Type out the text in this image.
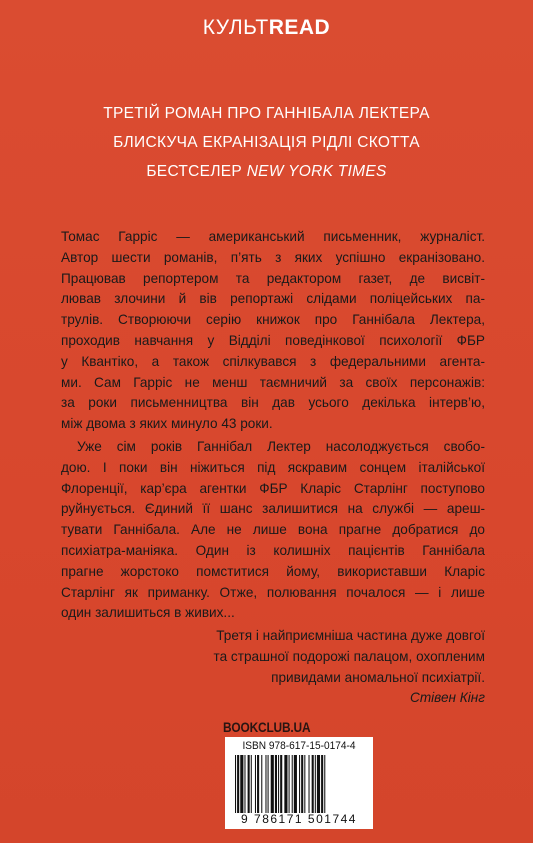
КУЛЬТREAD
ТРЕТІЙ РОМАН ПРО ГАННІБАЛА ЛЕКТЕРА
БЛИСКУЧА ЕКРАНІЗАЦІЯ РІДЛІ СКОТТА
БЕСТСЕЛЕР NEW YORK TIMES
Томас Гарріс — американський письменник, журналіст.
Автор шести романів, п’ять з яких успішно екранізовано.
Працював репортером та редактором газет, де висвіт-
лював злочини й вів репортажі слідами поліцейських па-
трулів. Створюючи серію книжок про Ганнібала Лектера,
проходив навчання у Відділі поведінкової психології ФБР
у Квантіко, а також спілкувався з федеральними агента-
ми. Сам Гарріс не менш таємничий за своїх персонажів:
за роки письменництва він дав усього декілька інтерв’ю,
між двома з яких минуло 43 роки.
Уже сім років Ганнібал Лектер насолоджується свобо-
дою. І поки він ніжиться під яскравим сонцем італійської
Флоренції, кар’єра агентки ФБР Кларіс Старлінг поступово
руйнується. Єдиний її шанс залишитися на службі — ареш-
тувати Ганнібала. Але не лише вона прагне добратися до
психіатра-маніяка. Один із колишніх пацієнтів Ганнібала
прагне жорстоко помститися йому, використавши Кларіс
Старлінг як приманку. Отже, полювання почалося — і лише
один залишиться в живих...
Третя і найприємніша частина дуже довгої
та страшної подорожі палацом, охопленим
привидами аномальної психіатрії.
Стівен Кінг
BOOKCLUB.UA
ISBN 978-617-15-0174-4
9 786171 501744
